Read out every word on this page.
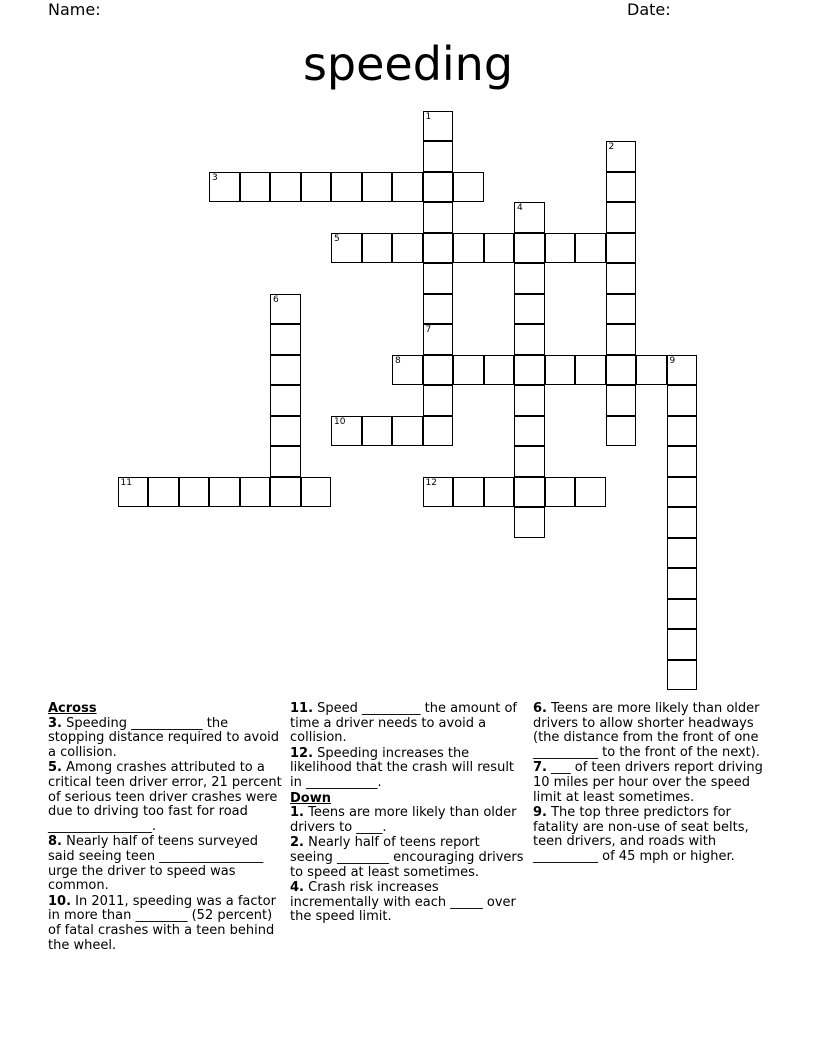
Name:	Date:
speeding
1
7
2
3
4
5
6
8	9
10
11	12

Across

3. Speeding ___________ the stopping distance required to avoid a collision.

5. Among crashes attributed to a critical teen driver error, 21 percent of serious teen driver crashes were due to driving too fast for road ________________.

8. Nearly half of teens surveyed said seeing teen ________________ urge the driver to speed was common.

10. In 2011, speeding was a factor in more than ________ (52 percent) of fatal crashes with a teen behind the wheel.

11. Speed _________ the amount of time a driver needs to avoid a collision.

12. Speeding increases the likelihood that the crash will result in ___________.

Down

1. Teens are more likely than older drivers to ____.

2. Nearly half of teens report seeing ________ encouraging drivers to speed at least sometimes.

4. Crash risk increases incrementally with each _____ over the speed limit.

6. Teens are more likely than older drivers to allow shorter headways (the distance from the front of one __________ to the front of the next).

7. ___ of teen drivers report driving 10 miles per hour over the speed limit at least sometimes.

9. The top three predictors for fatality are non-use of seat belts, teen drivers, and roads with __________ of 45 mph or higher.
